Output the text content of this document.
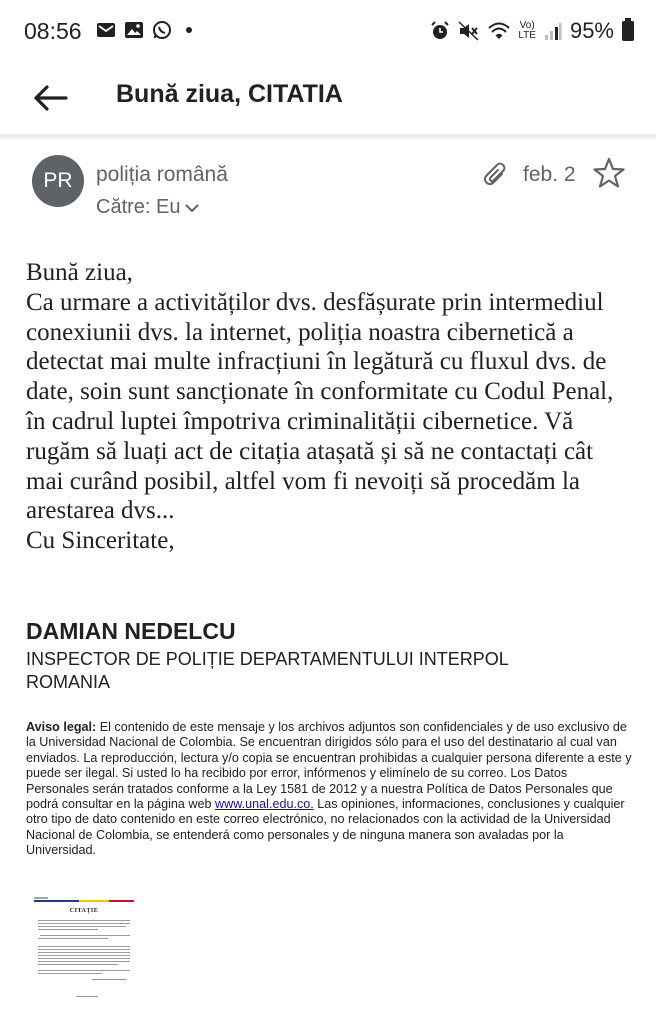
08:56	Vo)
LTE 95%
Bună ziua, CITATIA
PR	poliția română
Către: Eu
feb. 2

Bună ziua,

Ca urmare a activităților dvs. desfășurate prin intermediul conexiunii dvs. la internet, poliția noastra cibernetică a detectat mai multe infracțiuni în legătură cu fluxul dvs. de date, soin sunt sancționate în conformitate cu Codul Penal, în cadrul luptei împotriva criminalității cibernetice. Vă rugăm să luați act de citația atașată și să ne contactați cât mai curând posibil, altfel vom fi nevoiți să procedăm la arestarea dvs...

Cu Sinceritate,

DAMIAN NEDELCU
INSPECTOR DE POLIȚIE DEPARTAMENTULUI INTERPOL ROMANIA
Aviso legal: El contenido de este mensaje y los archivos adjuntos son confidenciales y de uso exclusivo de la Universidad Nacional de Colombia. Se encuentran dirigidos sólo para el uso del destinatario al cual van enviados. La reproducción, lectura y/o copia se encuentran prohibidas a cualquier persona diferente a este y puede ser ilegal. Si usted lo ha recibido por error, infórmenos y elimínelo de su correo. Los Datos Personales serán tratados conforme a la Ley 1581 de 2012 y a nuestra Política de Datos Personales que podrá consultar en la página web www.unal.edu.co. Las opiniones, informaciones, conclusiones y cualquier otro tipo de dato contenido en este correo electrónico, no relacionados con la actividad de la Universidad Nacional de Colombia, se entenderá como personales y de ninguna manera son avaladas por la Universidad.
CITAȚIE
